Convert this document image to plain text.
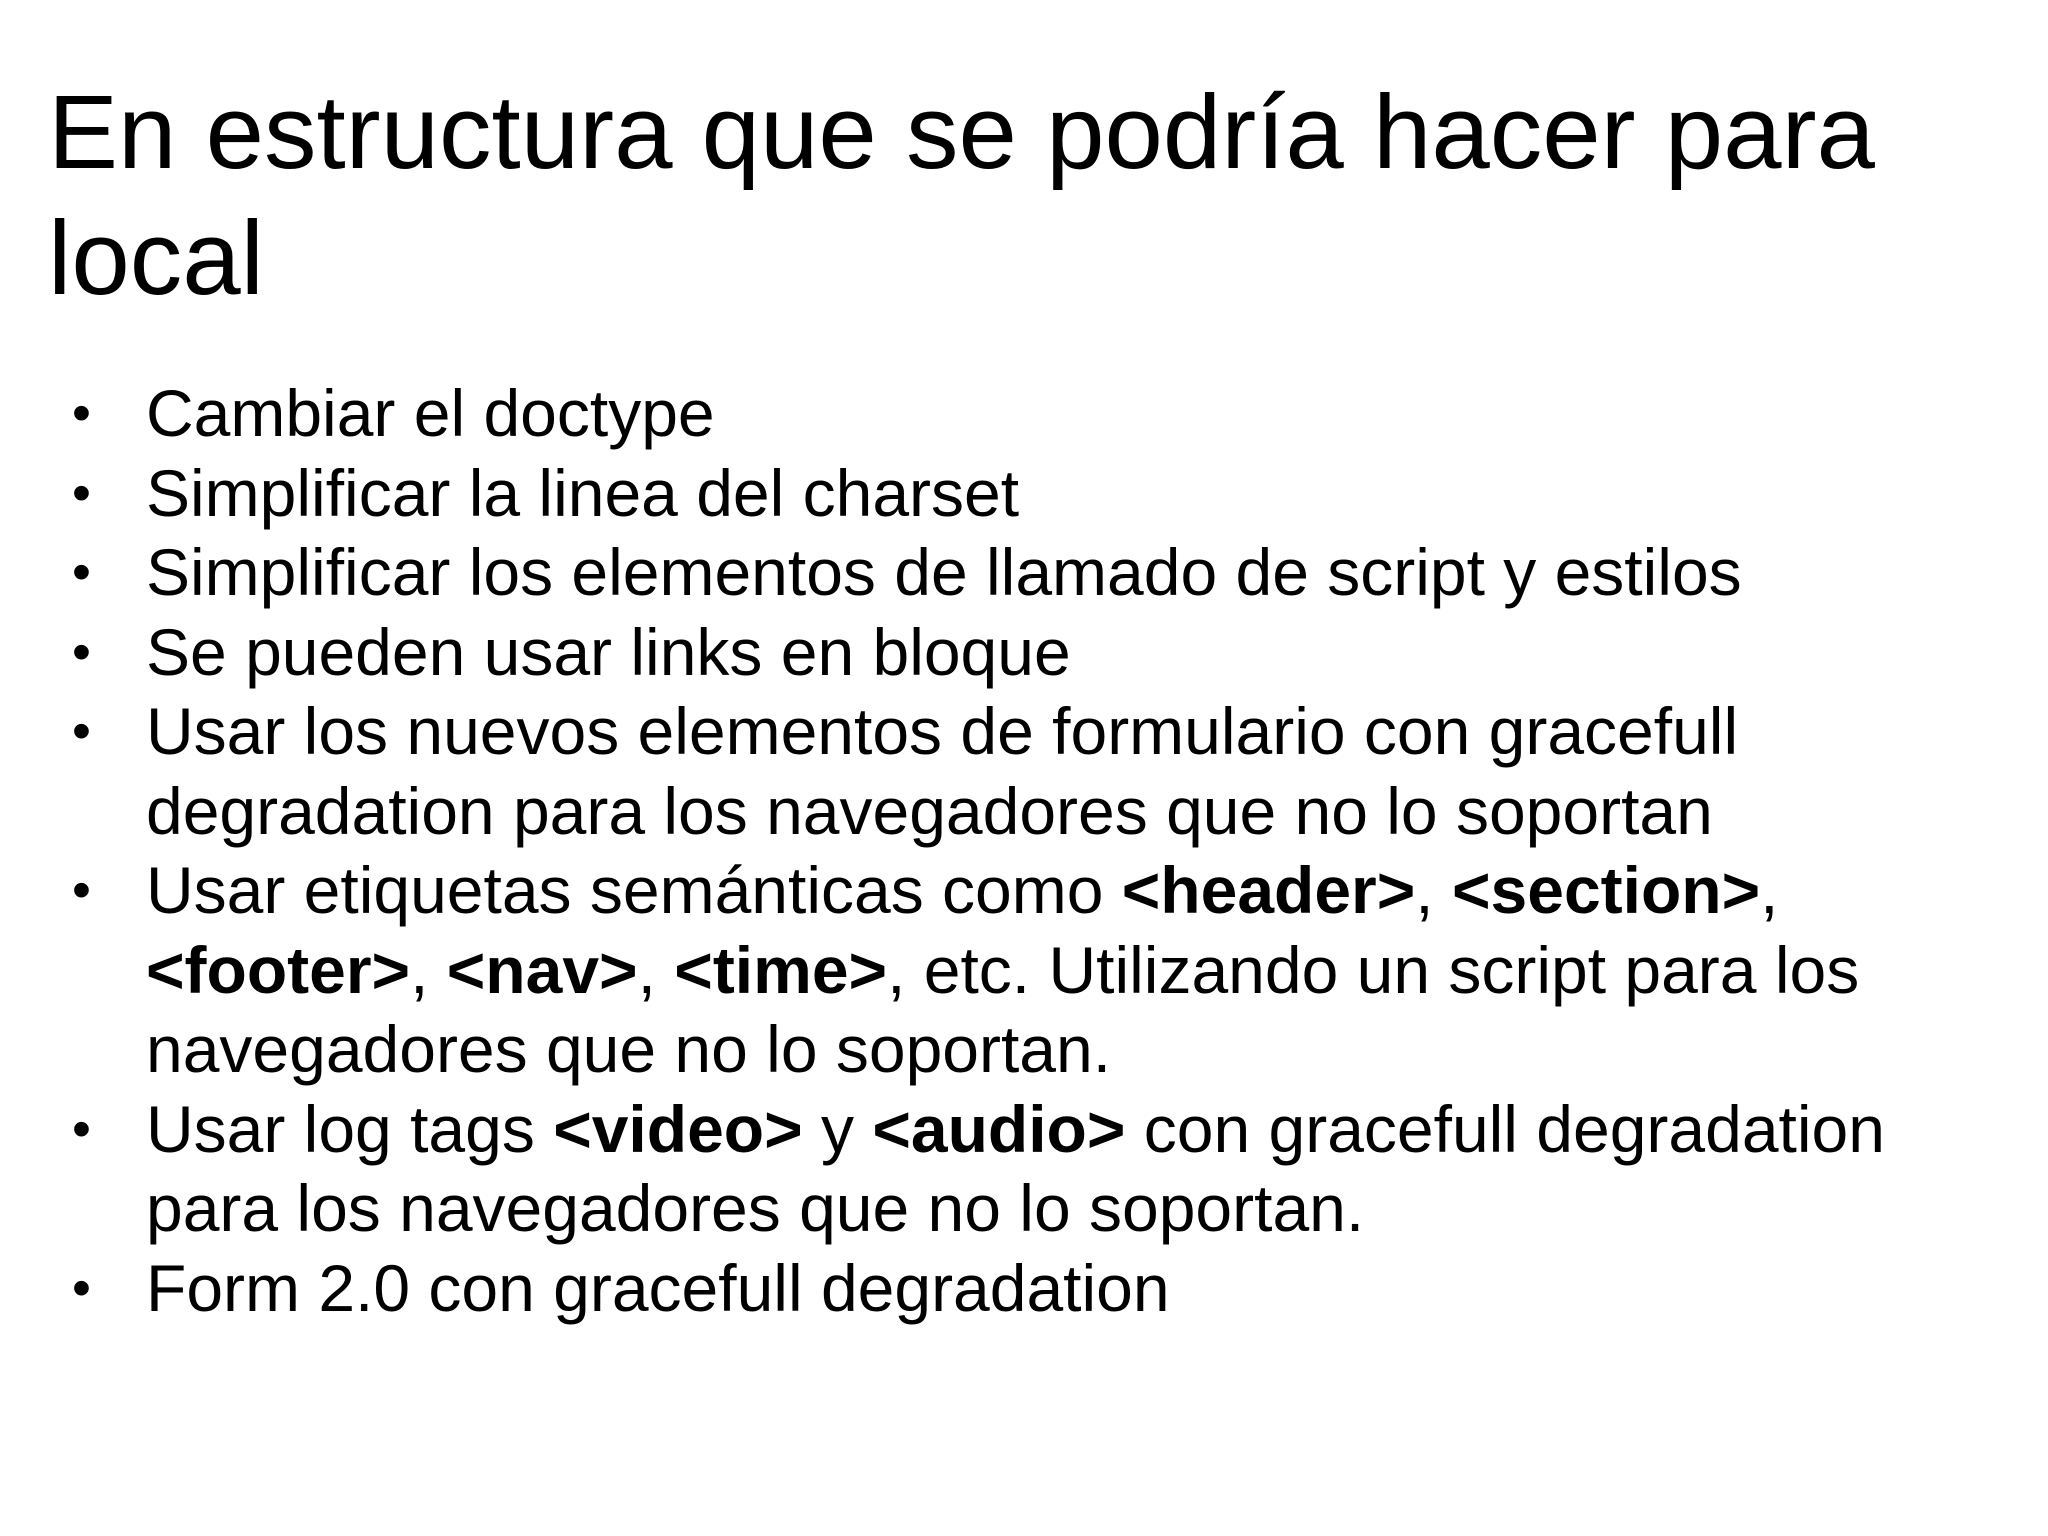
En estructura que se podría hacer para local
• Cambiar el doctype
• Simplificar la linea del charset
• Simplificar los elementos de llamado de script y estilos
• Se pueden usar links en bloque
• Usar los nuevos elementos de formulario con gracefull degradation para los navegadores que no lo soportan
• Usar etiquetas semánticas como <header>, <section>, <footer>, <nav>, <time>, etc. Utilizando un script para los navegadores que no lo soportan.
• Usar log tags <video> y <audio> con gracefull degradation para los navegadores que no lo soportan.
• Form 2.0 con gracefull degradation
